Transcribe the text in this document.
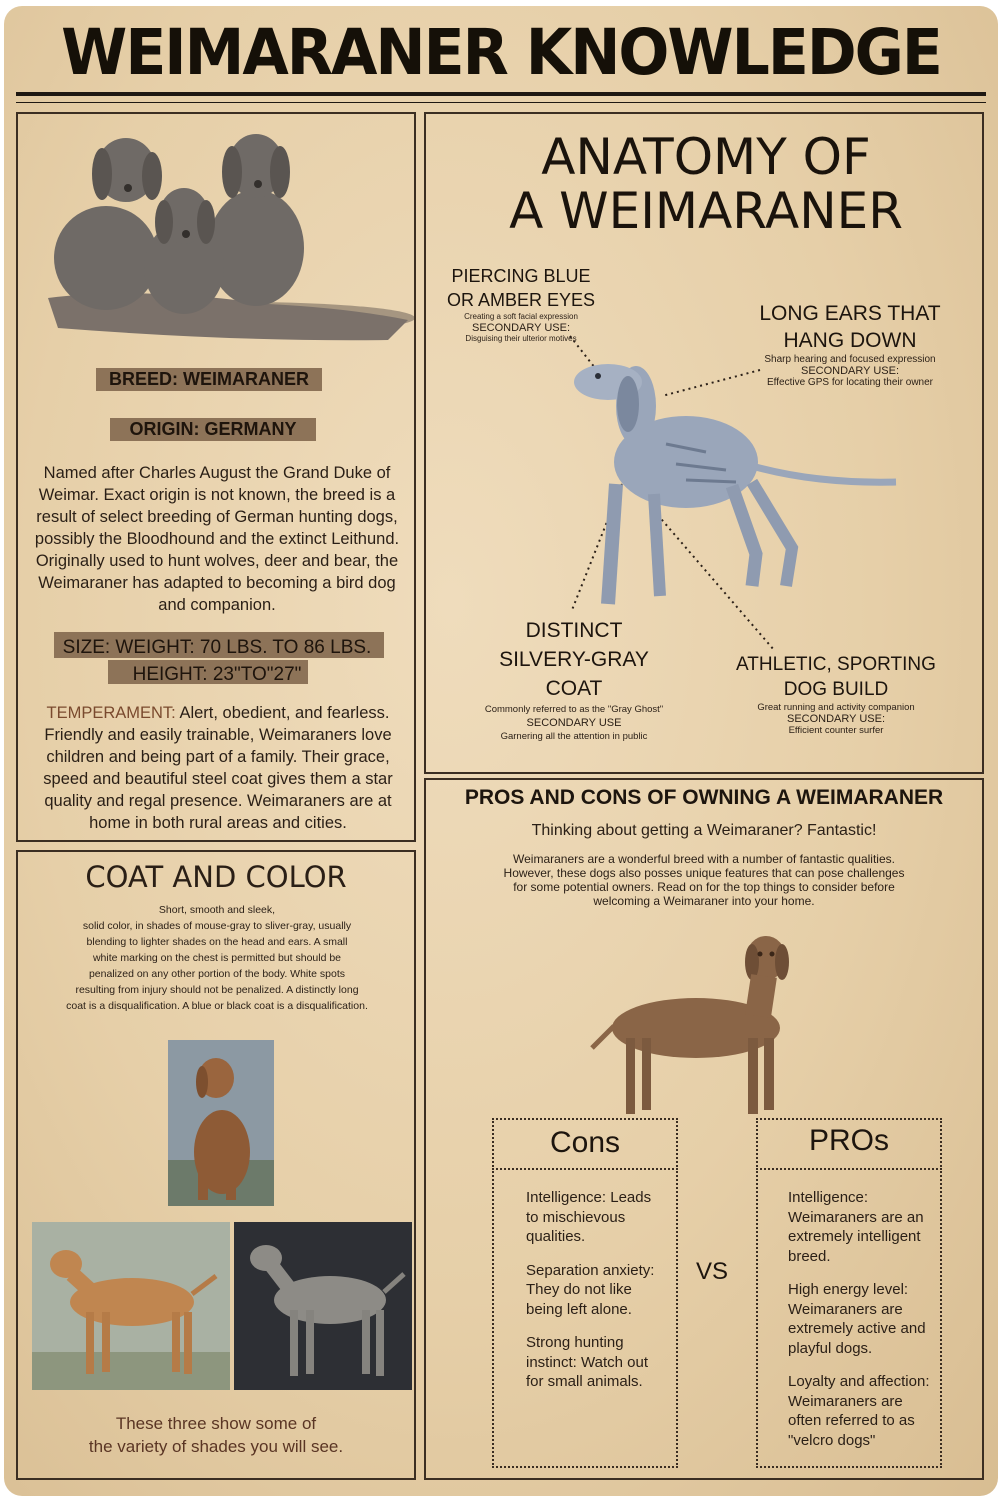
WEIMARANER KNOWLEDGE
BREED: WEIMARANER
ORIGIN: GERMANY
Named after Charles August the Grand Duke of Weimar. Exact origin is not known, the breed is a result of select breeding of German hunting dogs, possibly the Bloodhound and the extinct Leithund. Originally used to hunt wolves, deer and bear, the Weimaraner has adapted to becoming a bird dog and companion.
SIZE: WEIGHT: 70 LBS. TO 86 LBS.
HEIGHT: 23"TO"27"
TEMPERAMENT: Alert, obedient, and fearless. Friendly and easily trainable, Weimaraners love children and being part of a family. Their grace, speed and beautiful steel coat gives them a star quality and regal presence. Weimaraners are at home in both rural areas and cities.
COAT AND COLOR
Short, smooth and sleek,
solid color, in shades of mouse-gray to sliver-gray, usually
blending to lighter shades on the head and ears. A small
white marking on the chest is permitted but should be
penalized on any other portion of the body. White spots
resulting from injury should not be penalized. A distinctly long
coat is a disqualification. A blue or black coat is a disqualification.
These three show some of
the variety of shades you will see.
ANATOMY OF
A WEIMARANER
PIERCING BLUE
OR AMBER EYES
Creating a soft facial expression
SECONDARY USE:
Disguising their ulterior motives
LONG EARS THAT
HANG DOWN
Sharp hearing and focused expression
SECONDARY USE:
Effective GPS for locating their owner
DISTINCT
SILVERY-GRAY
COAT
Commonly referred to as the "Gray Ghost"
SECONDARY USE
Garnering all the attention in public
ATHLETIC, SPORTING
DOG BUILD
Great running and activity companion
SECONDARY USE:
Efficient counter surfer
PROS AND CONS OF OWNING A WEIMARANER
Thinking about getting a Weimaraner? Fantastic!
Weimaraners are a wonderful breed with a number of fantastic qualities.
However, these dogs also posses unique features that can pose challenges
for some potential owners. Read on for the top things to consider before
welcoming a Weimaraner into your home.
Cons

Intelligence: Leads to mischievous qualities.

Separation anxiety: They do not like being left alone.

Strong hunting instinct: Watch out for small animals.

VS
PROs

Intelligence: Weimaraners are an extremely intelligent breed.

High energy level: Weimaraners are extremely active and playful dogs.

Loyalty and affection: Weimaraners are often referred to as "velcro dogs"
